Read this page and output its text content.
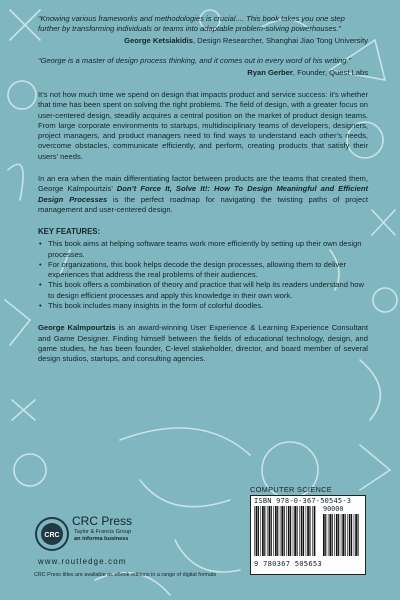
“Knowing various frameworks and methodologies is crucial.... This book takes you one step further by transforming individuals or teams into adaptable problem-solving powerhouses.”

George Ketsiakidis, Design Researcher, Shanghai Jiao Tong University

“George is a master of design process thinking, and it comes out in every word of his writing.”

Ryan Gerber, Founder, Quest Labs

It’s not how much time we spend on design that impacts product and service success: it’s whether that time has been spent on solving the right problems. The field of design, with a greater focus on user-centered design, steadily acquires a central position on the market of product design teams. From large corporate environments to startups, multidisciplinary teams of developers, designers, project managers, and product managers need to find ways to understand each other’s needs, overcome obstacles, communicate efficiently, and perform, creating products that satisfy their users’ needs.

In an era when the main differentiating factor between products are the teams that created them, George Kalmpourtzis’ Don’t Force It, Solve It!: How To Design Meaningful and Efficient Design Processes is the perfect roadmap for navigating the twisting paths of project management and user-centered design.

KEY FEATURES:
• This book aims at helping software teams work more efficiently by setting up their own design processes.
• For organizations, this book helps decode the design processes, allowing them to deliver experiences that address the real problems of their audiences.
• This book offers a combination of theory and practice that will help its readers understand how to design efficient processes and apply this knowledge in their own work.
• This book includes many insights in the form of colorful doodles.

George Kalmpourtzis is an award-winning User Experience & Learning Experience Consultant and Game Designer. Finding himself between the fields of educational technology, design, and game studies, he has been founder, C-level stakeholder, director, and board member of several design studios, startups, and consulting agencies.

COMPUTER SCIENCE
ISBN 978-0-367-50545-3
90000
9 780367 505653
CRC
CRC Press
Taylor & Francis Group
an informa business
www.routledge.com
CRC Press titles are available as eBook editions in a range of digital formats
